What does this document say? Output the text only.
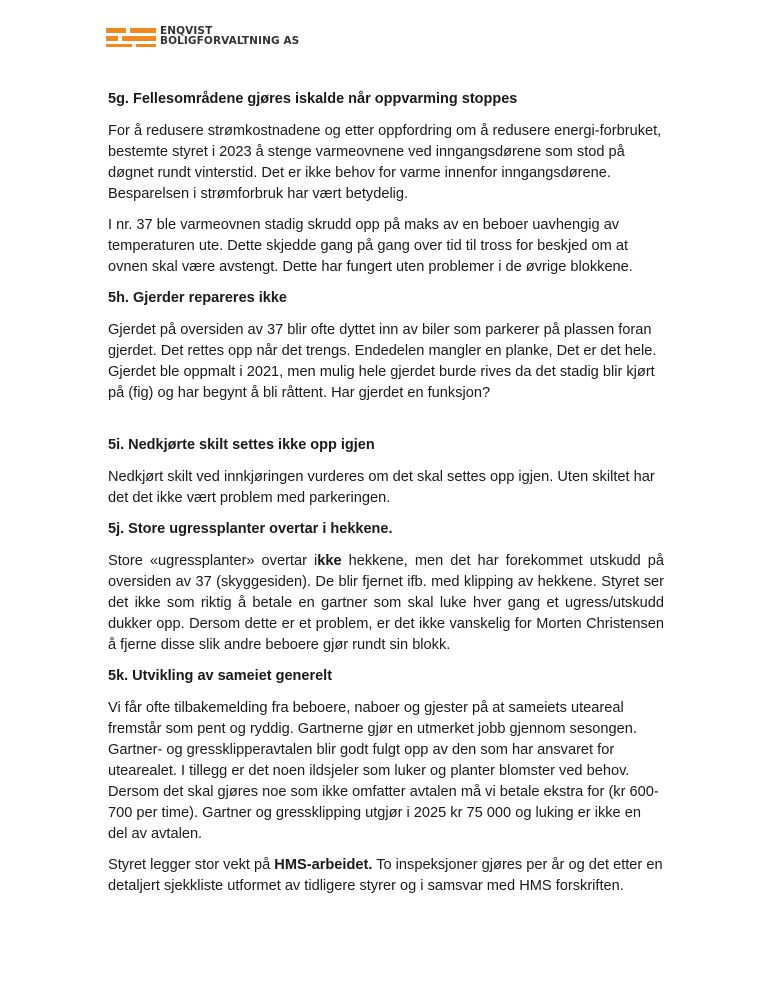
ENQVIST
BOLIGFORVALTNING AS
5g. Fellesområdene gjøres iskalde når oppvarming stoppes

For å redusere strømkostnadene og etter oppfordring om å redusere energi-forbruket, bestemte styret i 2023 å stenge varmeovnene ved inngangsdørene som stod på døgnet rundt vinterstid. Det er ikke behov for varme innenfor inngangsdørene. Besparelsen i strømforbruk har vært betydelig.

I nr. 37 ble varmeovnen stadig skrudd opp på maks av en beboer uavhengig av temperaturen ute. Dette skjedde gang på gang over tid til tross for beskjed om at ovnen skal være avstengt. Dette har fungert uten problemer i de øvrige blokkene.

5h. Gjerder repareres ikke

Gjerdet på oversiden av 37 blir ofte dyttet inn av biler som parkerer på plassen foran gjerdet. Det rettes opp når det trengs. Endedelen mangler en planke, Det er det hele. Gjerdet ble oppmalt i 2021, men mulig hele gjerdet burde rives da det stadig blir kjørt på (fig) og har begynt å bli råttent. Har gjerdet en funksjon?

5i. Nedkjørte skilt settes ikke opp igjen

Nedkjørt skilt ved innkjøringen vurderes om det skal settes opp igjen. Uten skiltet har det det ikke vært problem med parkeringen.

5j. Store ugressplanter overtar i hekkene.

Store «ugressplanter» overtar ikke hekkene, men det har forekommet utskudd på oversiden av 37 (skyggesiden). De blir fjernet ifb. med klipping av hekkene. Styret ser det ikke som riktig å betale en gartner som skal luke hver gang et ugress/utskudd dukker opp. Dersom dette er et problem, er det ikke vanskelig for Morten Christensen å fjerne disse slik andre beboere gjør rundt sin blokk.

5k. Utvikling av sameiet generelt

Vi får ofte tilbakemelding fra beboere, naboer og gjester på at sameiets uteareal fremstår som pent og ryddig. Gartnerne gjør en utmerket jobb gjennom sesongen. Gartner- og gressklipperavtalen blir godt fulgt opp av den som har ansvaret for utearealet. I tillegg er det noen ildsjeler som luker og planter blomster ved behov. Dersom det skal gjøres noe som ikke omfatter avtalen må vi betale ekstra for (kr 600-700 per time). Gartner og gressklipping utgjør i 2025 kr 75 000 og luking er ikke en del av avtalen.

Styret legger stor vekt på HMS-arbeidet. To inspeksjoner gjøres per år og det etter en detaljert sjekkliste utformet av tidligere styrer og i samsvar med HMS forskriften.
